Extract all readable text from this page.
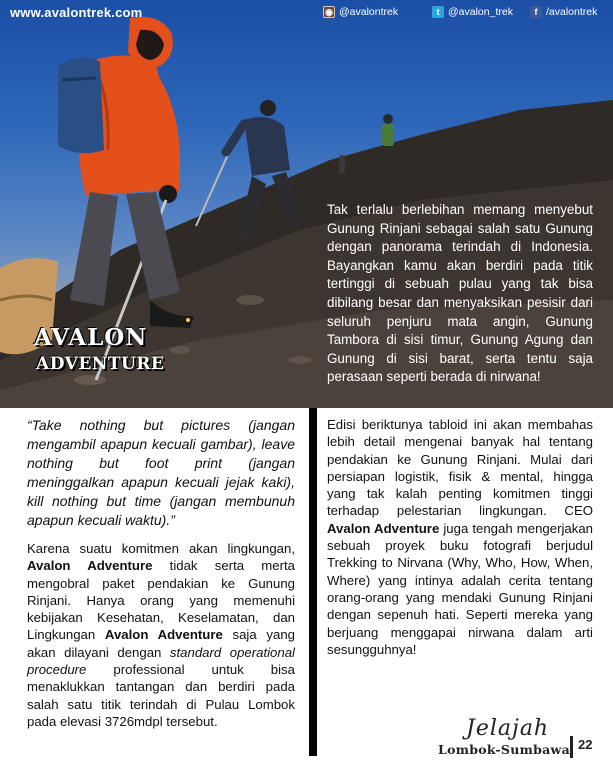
www.avalontrek.com	◉ @avalontrek	t @avalon_trek	f /avalontrek
AVALON
ADVENTURE
Tak terlalu berlebihan memang menyebut Gunung Rinjani sebagai salah satu Gunung dengan panorama terindah di Indonesia. Bayangkan kamu akan berdiri pada titik tertinggi di sebuah pulau yang tak bisa dibilang besar dan menyaksikan pesisir dari seluruh penjuru mata angin, Gunung Tambora di sisi timur, Gunung Agung dan Gunung di sisi barat, serta tentu saja perasaan seperti berada di nirwana!

“Take nothing but pictures (jangan mengambil apapun kecuali gambar), leave nothing but foot print (jangan meninggalkan apapun kecuali jejak kaki), kill nothing but time (jangan membunuh apapun kecuali waktu).”

Karena suatu komitmen akan lingkungan, Avalon Adventure tidak serta merta mengobral paket pendakian ke Gunung Rinjani. Hanya orang yang memenuhi kebijakan Kesehatan, Keselamatan, dan Lingkungan Avalon Adventure saja yang akan dilayani dengan standard operational procedure professional untuk bisa menaklukkan tantangan dan berdiri pada salah satu titik terindah di Pulau Lombok pada elevasi 3726mdpl tersebut.

Edisi beriktunya tabloid ini akan membahas lebih detail mengenai banyak hal tentang pendakian ke Gunung Rinjani. Mulai dari persiapan logistik, fisik & mental, hingga yang tak kalah penting komitmen tinggi terhadap pelestarian lingkungan. CEO Avalon Adventure juga tengah mengerjakan sebuah proyek buku fotografi berjudul Trekking to Nirvana (Why, Who, How, When, Where) yang intinya adalah cerita tentang orang-orang yang mendaki Gunung Rinjani dengan sepenuh hati. Seperti mereka yang berjuang menggapai nirwana dalam arti sesungguhnya!

Jelajah
Lombok-Sumbawa 22
